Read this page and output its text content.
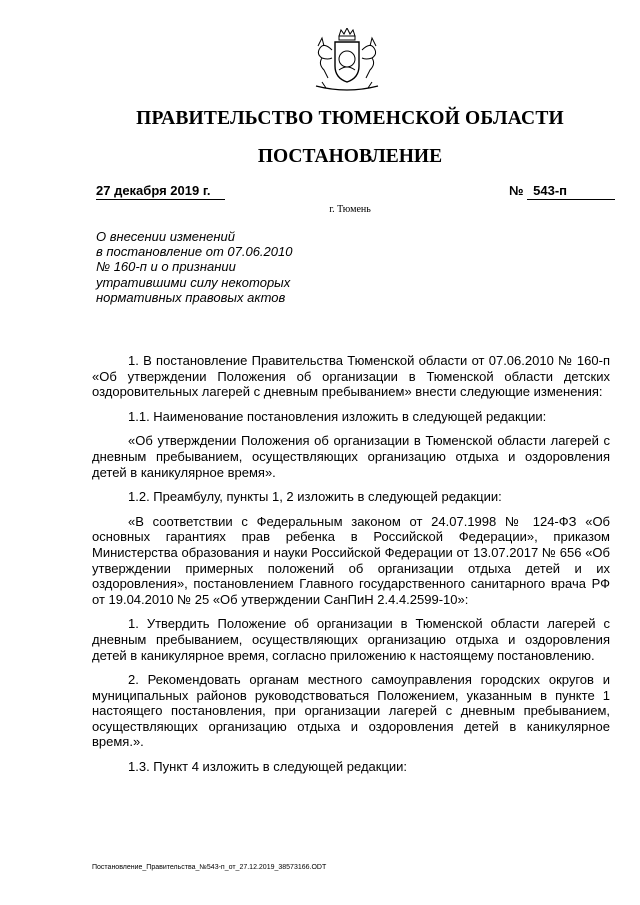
ПРАВИТЕЛЬСТВО ТЮМЕНСКОЙ ОБЛАСТИ
ПОСТАНОВЛЕНИЕ
27 декабря 2019 г.	№ 543-п
г. Тюмень
О внесении изменений
в постановление от 07.06.2010
№ 160-п и о признании
утратившими силу некоторых
нормативных правовых актов

1. В постановление Правительства Тюменской области от 07.06.2010 № 160-п «Об утверждении Положения об организации в Тюменской области детских оздоровительных лагерей с дневным пребыванием» внести следующие изменения:

1.1. Наименование постановления изложить в следующей редакции:

«Об утверждении Положения об организации в Тюменской области лагерей с дневным пребыванием, осуществляющих организацию отдыха и оздоровления детей в каникулярное время».

1.2. Преамбулу, пункты 1, 2 изложить в следующей редакции:

«В соответствии с Федеральным законом от 24.07.1998 № 124-ФЗ «Об основных гарантиях прав ребенка в Российской Федерации», приказом Министерства образования и науки Российской Федерации от 13.07.2017 № 656 «Об утверждении примерных положений об организации отдыха детей и их оздоровления», постановлением Главного государственного санитарного врача РФ от 19.04.2010 № 25 «Об утверждении СанПиН 2.4.4.2599-10»:

1. Утвердить Положение об организации в Тюменской области лагерей с дневным пребыванием, осуществляющих организацию отдыха и оздоровления детей в каникулярное время, согласно приложению к настоящему постановлению.

2. Рекомендовать органам местного самоуправления городских округов и муниципальных районов руководствоваться Положением, указанным в пункте 1 настоящего постановления, при организации лагерей с дневным пребыванием, осуществляющих организацию отдыха и оздоровления детей в каникулярное время.».

1.3. Пункт 4 изложить в следующей редакции:

Постановление_Правительства_№543-п_от_27.12.2019_38573166.ODT
